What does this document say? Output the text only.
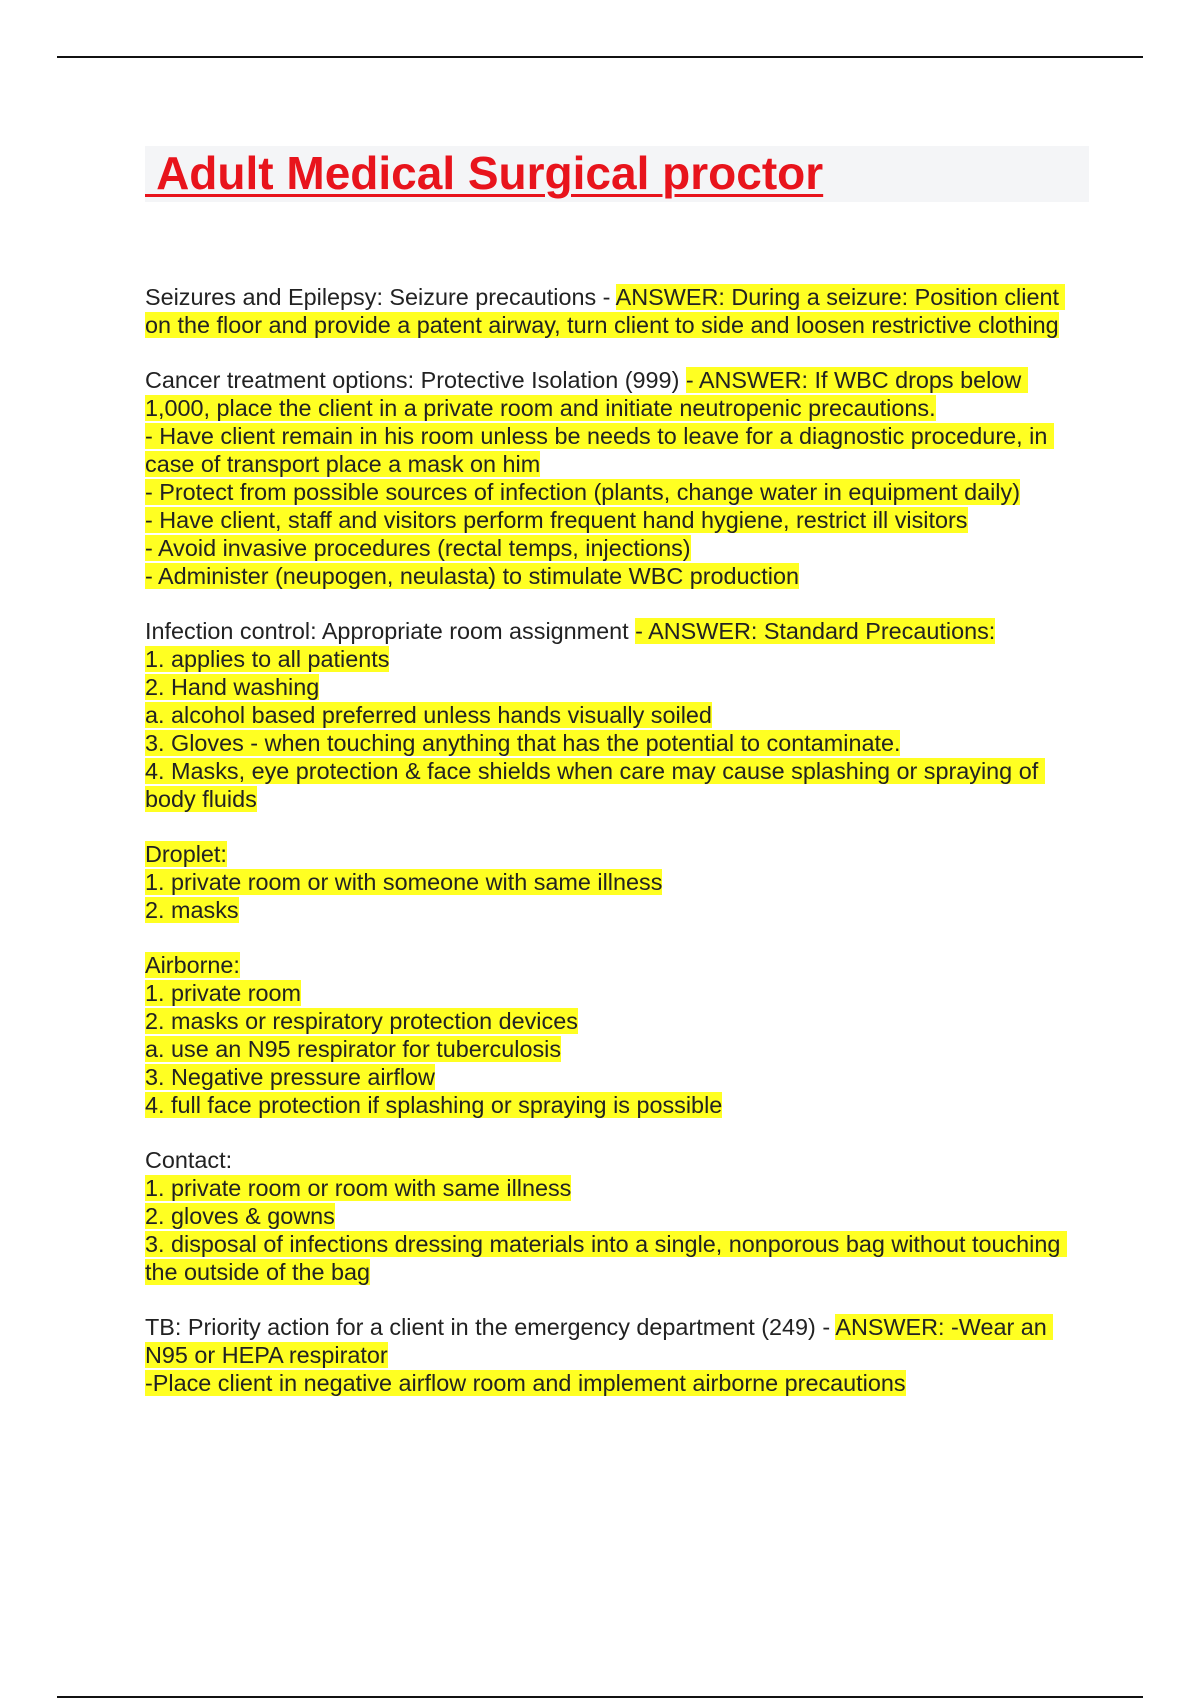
Adult Medical Surgical proctor
Seizures and Epilepsy: Seizure precautions - ANSWER: During a seizure: Position client on the floor and provide a patent airway, turn client to side and loosen restrictive clothing
Cancer treatment options: Protective Isolation (999) - ANSWER: If WBC drops below 1,000, place the client in a private room and initiate neutropenic precautions.
- Have client remain in his room unless be needs to leave for a diagnostic procedure, in case of transport place a mask on him
- Protect from possible sources of infection (plants, change water in equipment daily)
- Have client, staff and visitors perform frequent hand hygiene, restrict ill visitors
- Avoid invasive procedures (rectal temps, injections)
- Administer (neupogen, neulasta) to stimulate WBC production
Infection control: Appropriate room assignment - ANSWER: Standard Precautions:
1. applies to all patients
2. Hand washing
a. alcohol based preferred unless hands visually soiled
3. Gloves - when touching anything that has the potential to contaminate.
4. Masks, eye protection & face shields when care may cause splashing or spraying of body fluids
Droplet:
1. private room or with someone with same illness
2. masks
Airborne:
1. private room
2. masks or respiratory protection devices
a. use an N95 respirator for tuberculosis
3. Negative pressure airflow
4. full face protection if splashing or spraying is possible
Contact:
1. private room or room with same illness
2. gloves & gowns
3. disposal of infections dressing materials into a single, nonporous bag without touching the outside of the bag
TB: Priority action for a client in the emergency department (249) - ANSWER: -Wear an N95 or HEPA respirator
-Place client in negative airflow room and implement airborne precautions
